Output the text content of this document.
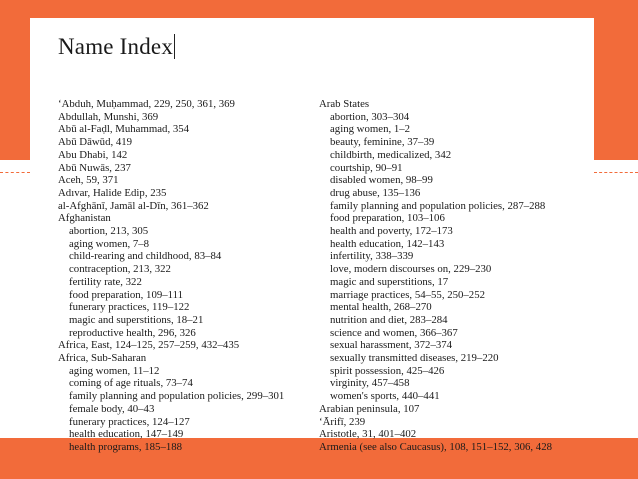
Name Index
ʻAbduh, Muḥammad, 229, 250, 361, 369
Abdullah, Munshi, 369
Abū al-Faḍl, Muhammad, 354
Abū Dāwūd, 419
Abu Dhabi, 142
Abū Nuwās, 237
Aceh, 59, 371
Adıvar, Halide Edip, 235
al-Afghānī, Jamāl al-Dīn, 361–362
Afghanistan
abortion, 213, 305
aging women, 7–8
child-rearing and childhood, 83–84
contraception, 213, 322
fertility rate, 322
food preparation, 109–111
funerary practices, 119–122
magic and superstitions, 18–21
reproductive health, 296, 326
Africa, East, 124–125, 257–259, 432–435
Africa, Sub-Saharan
aging women, 11–12
coming of age rituals, 73–74
family planning and population policies, 299–301
female body, 40–43
funerary practices, 124–127
health education, 147–149
health programs, 185–188
Arab States
abortion, 303–304
aging women, 1–2
beauty, feminine, 37–39
childbirth, medicalized, 342
courtship, 90–91
disabled women, 98–99
drug abuse, 135–136
family planning and population policies, 287–288
food preparation, 103–106
health and poverty, 172–173
health education, 142–143
infertility, 338–339
love, modern discourses on, 229–230
magic and superstitions, 17
marriage practices, 54–55, 250–252
mental health, 268–270
nutrition and diet, 283–284
science and women, 366–367
sexual harassment, 372–374
sexually transmitted diseases, 219–220
spirit possession, 425–426
virginity, 457–458
women's sports, 440–441
Arabian peninsula, 107
ʻĀrifī, 239
Aristotle, 31, 401–402
Armenia (see also Caucasus), 108, 151–152, 306, 428
